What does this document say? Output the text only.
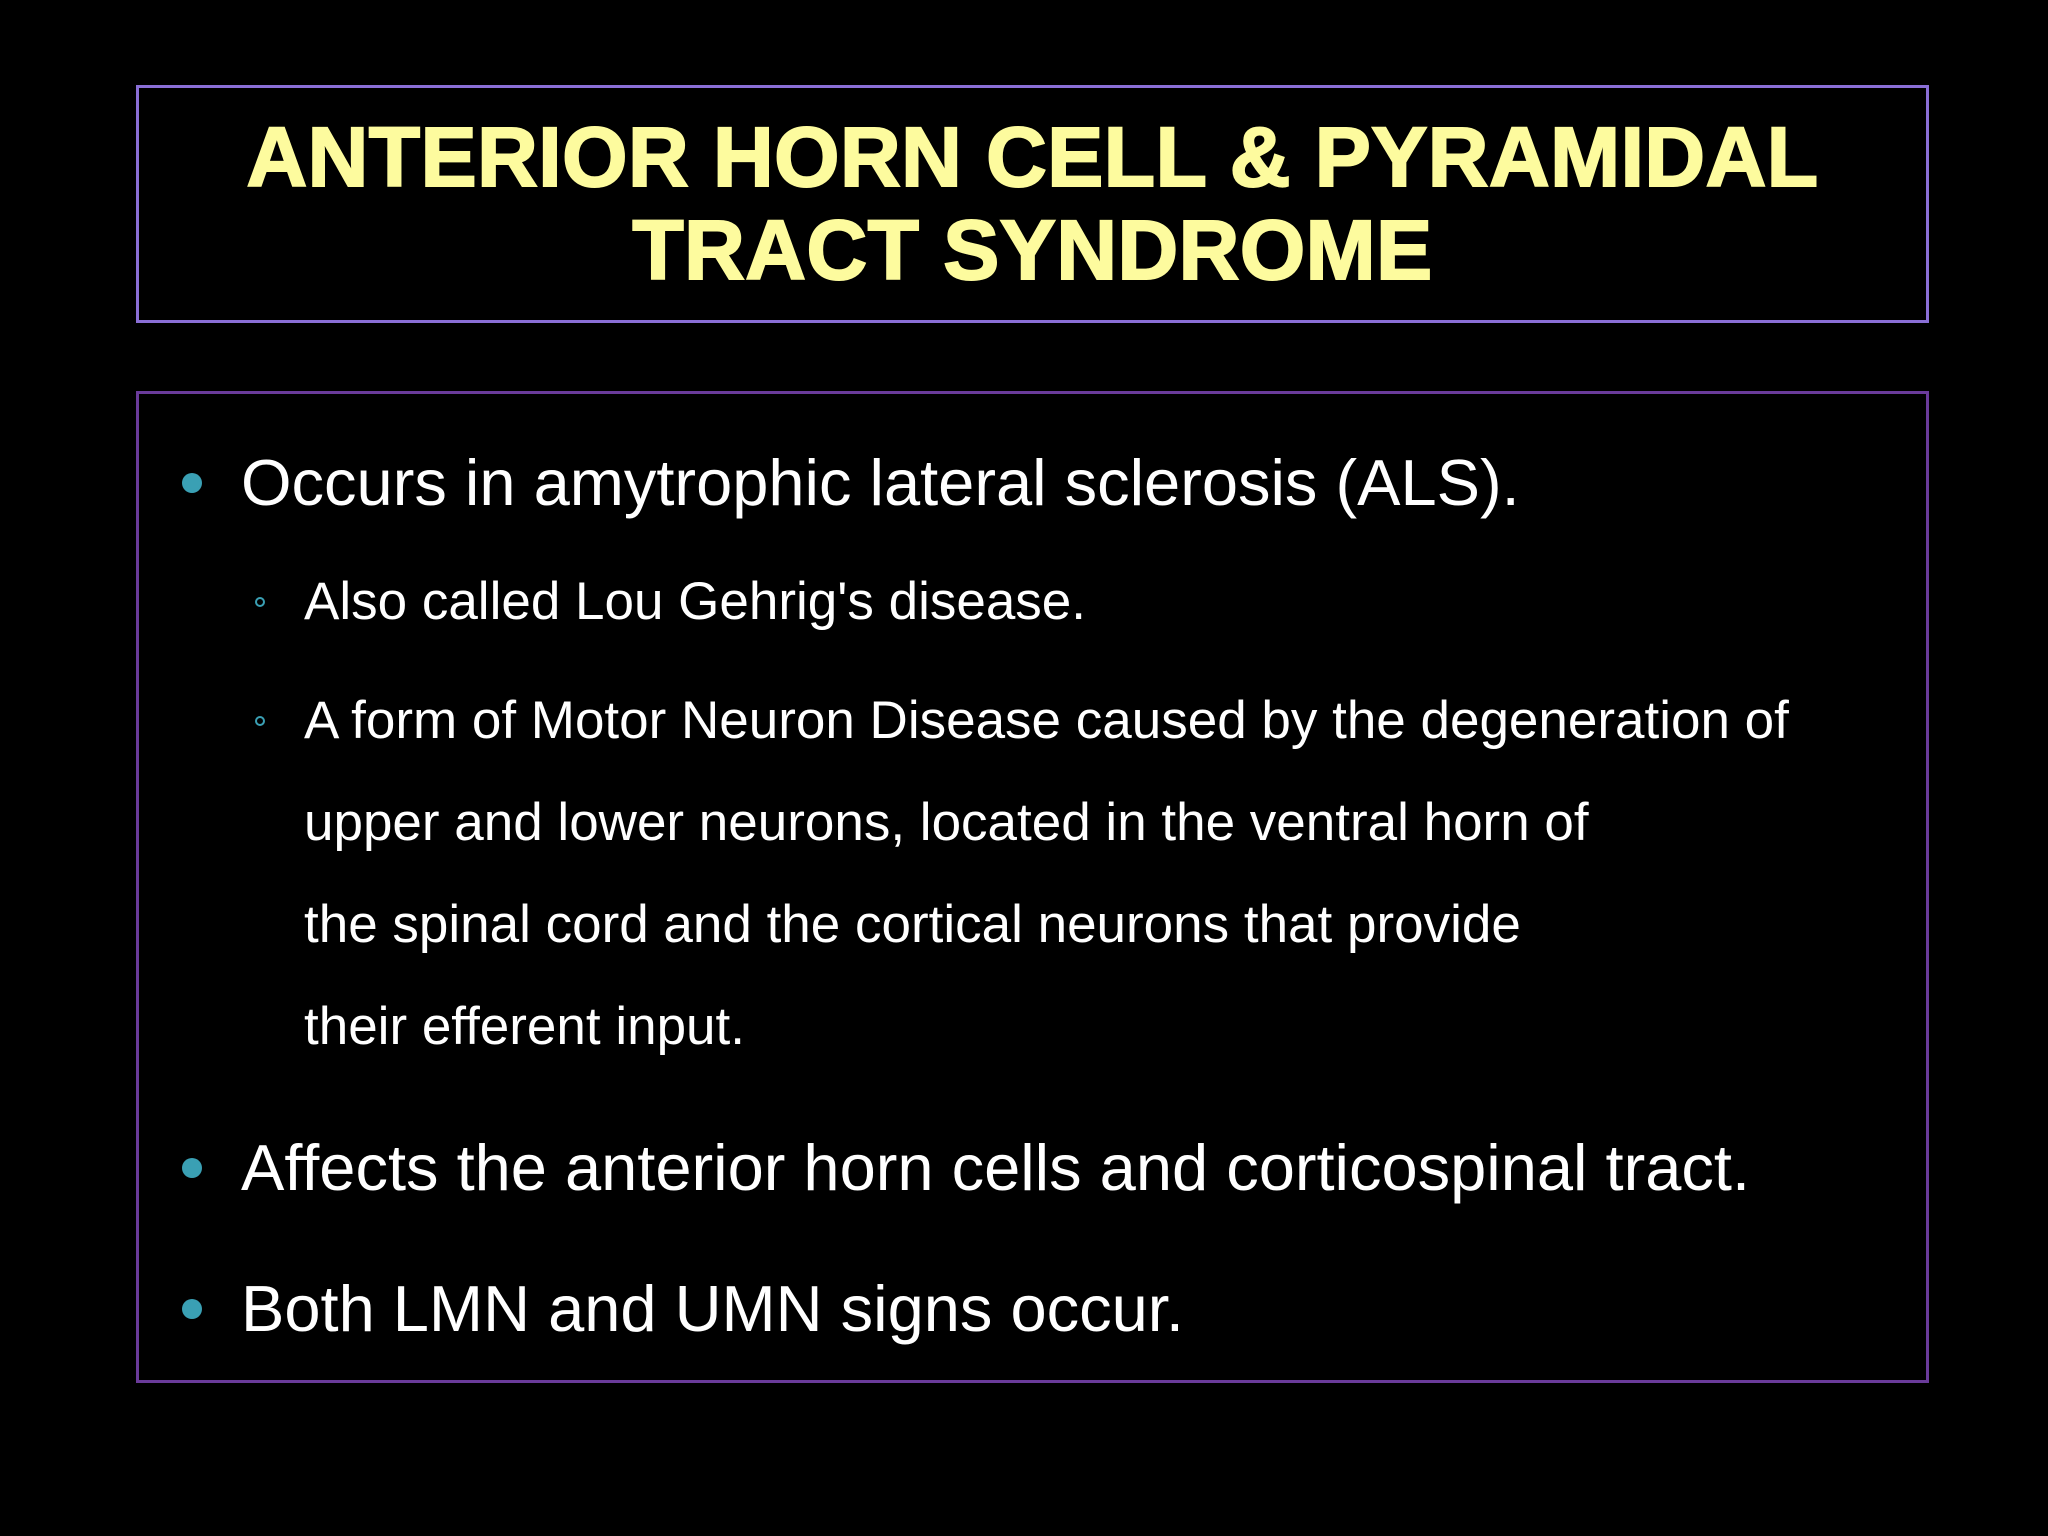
ANTERIOR HORN CELL & PYRAMIDAL
TRACT SYNDROME
Occurs in amytrophic lateral sclerosis (ALS).
Also called Lou Gehrig's disease.
A form of Motor Neuron Disease caused by the degeneration of
upper and lower neurons, located in the ventral horn of
the spinal cord and the cortical neurons that provide
their efferent input.
Affects the anterior horn cells and corticospinal tract.
Both LMN and UMN signs occur.
